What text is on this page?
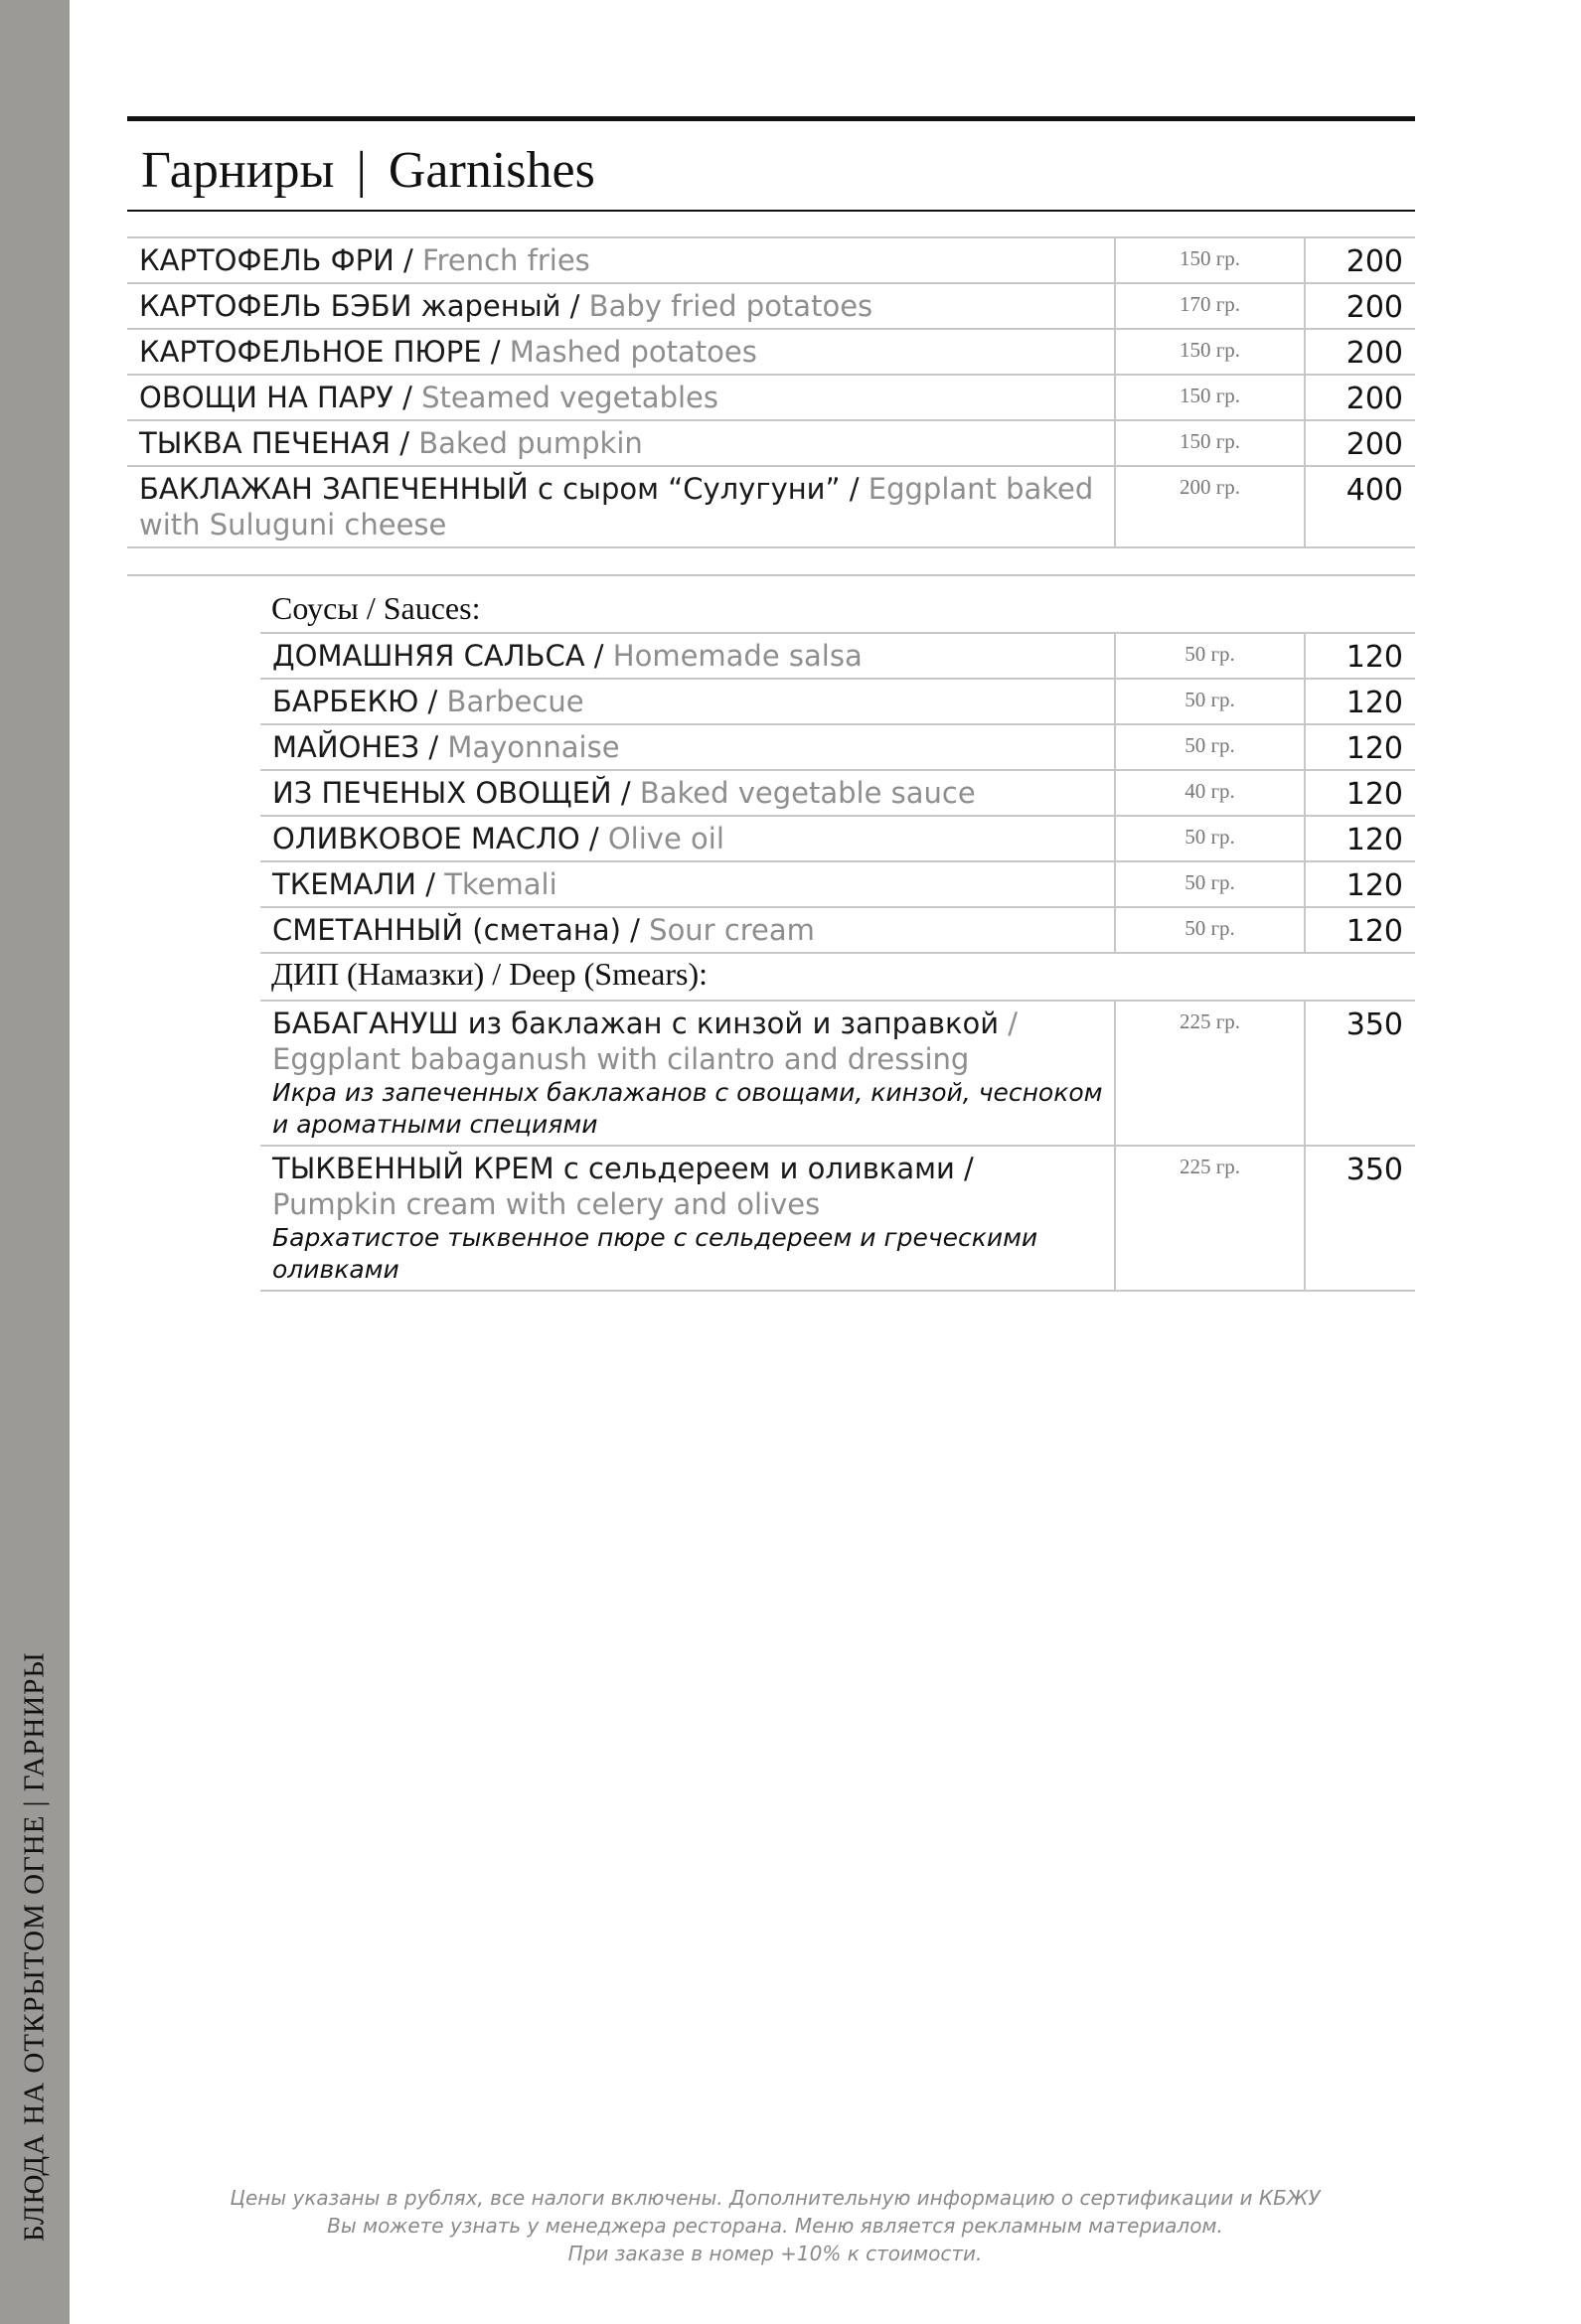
БЛЮДА НА ОТКРЫТОМ ОГНЕ | ГАРНИРЫ
Гарниры | Garnishes
КАРТОФЕЛЬ ФРИ / French fries	150 гр.	200
КАРТОФЕЛЬ БЭБИ жареный / Baby fried potatoes	170 гр.	200
КАРТОФЕЛЬНОЕ ПЮРЕ / Mashed potatoes	150 гр.	200
ОВОЩИ НА ПАРУ / Steamed vegetables	150 гр.	200
ТЫКВА ПЕЧЕНАЯ / Baked pumpkin	150 гр.	200
БАКЛАЖАН ЗАПЕЧЕННЫЙ с сыром “Сулугуни” / Eggplant baked with Suluguni cheese	200 гр.	400
Соусы / Sauces:
ДОМАШНЯЯ САЛЬСА / Homemade salsa	50 гр.	120
БАРБЕКЮ / Barbecue	50 гр.	120
МАЙОНЕЗ / Mayonnaise	50 гр.	120
ИЗ ПЕЧЕНЫХ ОВОЩЕЙ / Baked vegetable sauce	40 гр.	120
ОЛИВКОВОЕ МАСЛО / Olive oil	50 гр.	120
ТКЕМАЛИ / Tkemali	50 гр.	120
СМЕТАННЫЙ (сметана) / Sour cream	50 гр.	120
ДИП (Намазки) / Deep (Smears):
БАБАГАНУШ из баклажан с кинзой и заправкой / Eggplant babaganush with cilantro and dressing
Икра из запеченных баклажанов с овощами, кинзой, чесноком и ароматными специями	225 гр.	350
ТЫКВЕННЫЙ КРЕМ с сельдереем и оливками / Pumpkin cream with celery and olives
Бархатистое тыквенное пюре с сельдереем и греческими оливками	225 гр.	350
Цены указаны в рублях, все налоги включены. Дополнительную информацию о сертификации и КБЖУ
Вы можете узнать у менеджера ресторана. Меню является рекламным материалом.
При заказе в номер +10% к стоимости.
